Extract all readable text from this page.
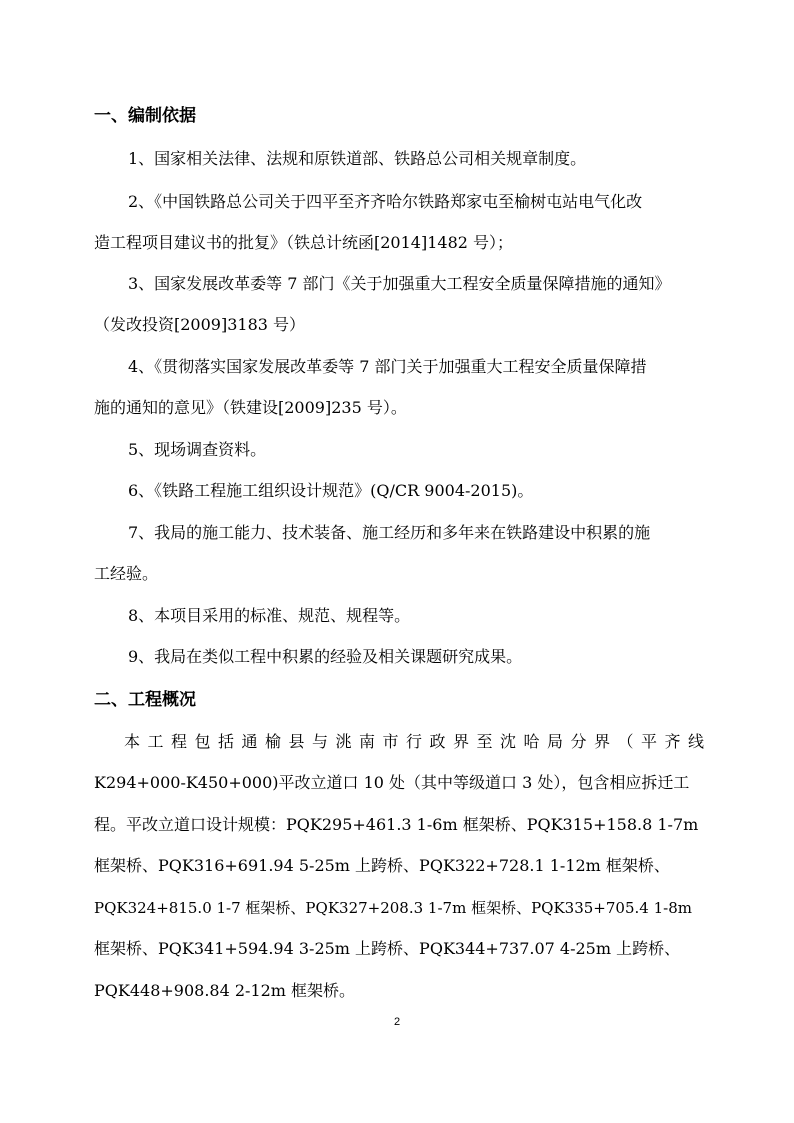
一、编制依据
1、国家相关法律、法规和原铁道部、铁路总公司相关规章制度。
2、《中国铁路总公司关于四平至齐齐哈尔铁路郑家屯至榆树屯站电气化改
造工程项目建议书的批复》（铁总计统函[2014]1482 号）；
3、国家发展改革委等 7 部门《关于加强重大工程安全质量保障措施的通知》
（发改投资[2009]3183 号）
4、《贯彻落实国家发展改革委等 7 部门关于加强重大工程安全质量保障措
施的通知的意见》（铁建设[2009]235 号）。
5、现场调查资料。
6、《铁路工程施工组织设计规范》(Q/CR 9004-2015)。
7、我局的施工能力、技术装备、施工经历和多年来在铁路建设中积累的施
工经验。
8、本项目采用的标准、规范、规程等。
9、我局在类似工程中积累的经验及相关课题研究成果。
二、工程概况
本工程包括通榆县与洮南市行政界至沈哈局分界（平齐线
K294+000-K450+000)平改立道口 10 处（其中等级道口 3 处），包含相应拆迁工
程。平改立道口设计规模：PQK295+461.3 1-6m 框架桥、PQK315+158.8 1-7m
框架桥、PQK316+691.94 5-25m 上跨桥、PQK322+728.1 1-12m 框架桥、
PQK324+815.0 1-7 框架桥、PQK327+208.3 1-7m 框架桥、PQK335+705.4 1-8m
框架桥、PQK341+594.94 3-25m 上跨桥、PQK344+737.07 4-25m 上跨桥、
PQK448+908.84 2-12m 框架桥。
2
